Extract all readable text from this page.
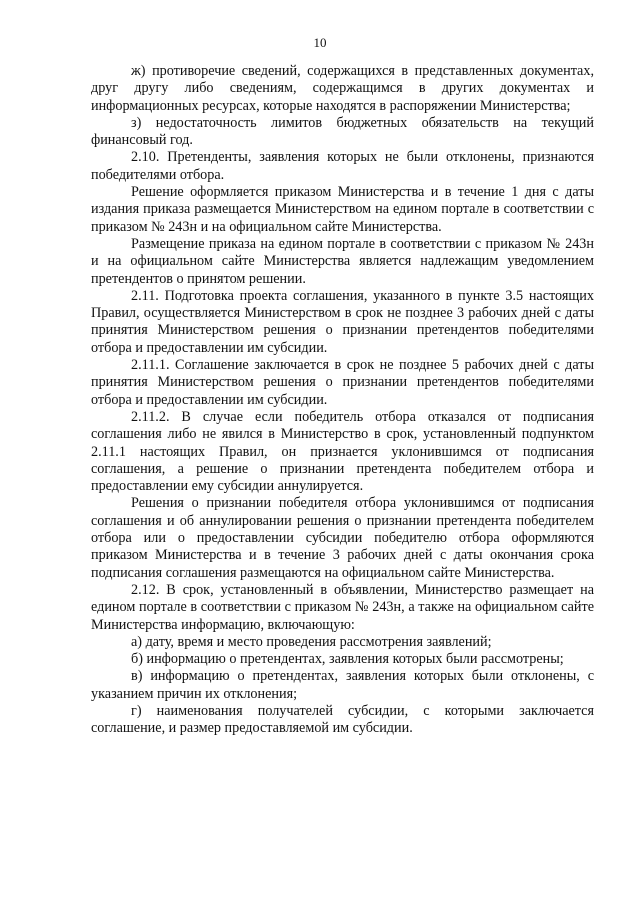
10

ж) противоречие сведений, содержащихся в представленных документах, друг другу либо сведениям, содержащимся в других документах и информационных ресурсах, которые находятся в распоряжении Министерства;

з) недостаточность лимитов бюджетных обязательств на текущий финансовый год.

2.10. Претенденты, заявления которых не были отклонены, признаются победителями отбора.

Решение оформляется приказом Министерства и в течение 1 дня с даты издания приказа размещается Министерством на едином портале в соответствии с приказом № 243н и на официальном сайте Министерства.

Размещение приказа на едином портале в соответствии с приказом № 243н и на официальном сайте Министерства является надлежащим уведомлением претендентов о принятом решении.

2.11. Подготовка проекта соглашения, указанного в пункте 3.5 настоящих Правил, осуществляется Министерством в срок не позднее 3 рабочих дней с даты принятия Министерством решения о признании претендентов победителями отбора и предоставлении им субсидии.

2.11.1. Соглашение заключается в срок не позднее 5 рабочих дней с даты принятия Министерством решения о признании претендентов победителями отбора и предоставлении им субсидии.

2.11.2. В случае если победитель отбора отказался от подписания соглашения либо не явился в Министерство в срок, установленный подпунктом 2.11.1 настоящих Правил, он признается уклонившимся от подписания соглашения, а решение о признании претендента победителем отбора и предоставлении ему субсидии аннулируется.

Решения о признании победителя отбора уклонившимся от подписания соглашения и об аннулировании решения о признании претендента победителем отбора или о предоставлении субсидии победителю отбора оформляются приказом Министерства и в течение 3 рабочих дней с даты окончания срока подписания соглашения размещаются на официальном сайте Министерства.

2.12. В срок, установленный в объявлении, Министерство размещает на едином портале в соответствии с приказом № 243н, а также на официальном сайте Министерства информацию, включающую:

а) дату, время и место проведения рассмотрения заявлений;

б) информацию о претендентах, заявления которых были рассмотрены;

в) информацию о претендентах, заявления которых были отклонены, с указанием причин их отклонения;

г) наименования получателей субсидии, с которыми заключается соглашение, и размер предоставляемой им субсидии.
